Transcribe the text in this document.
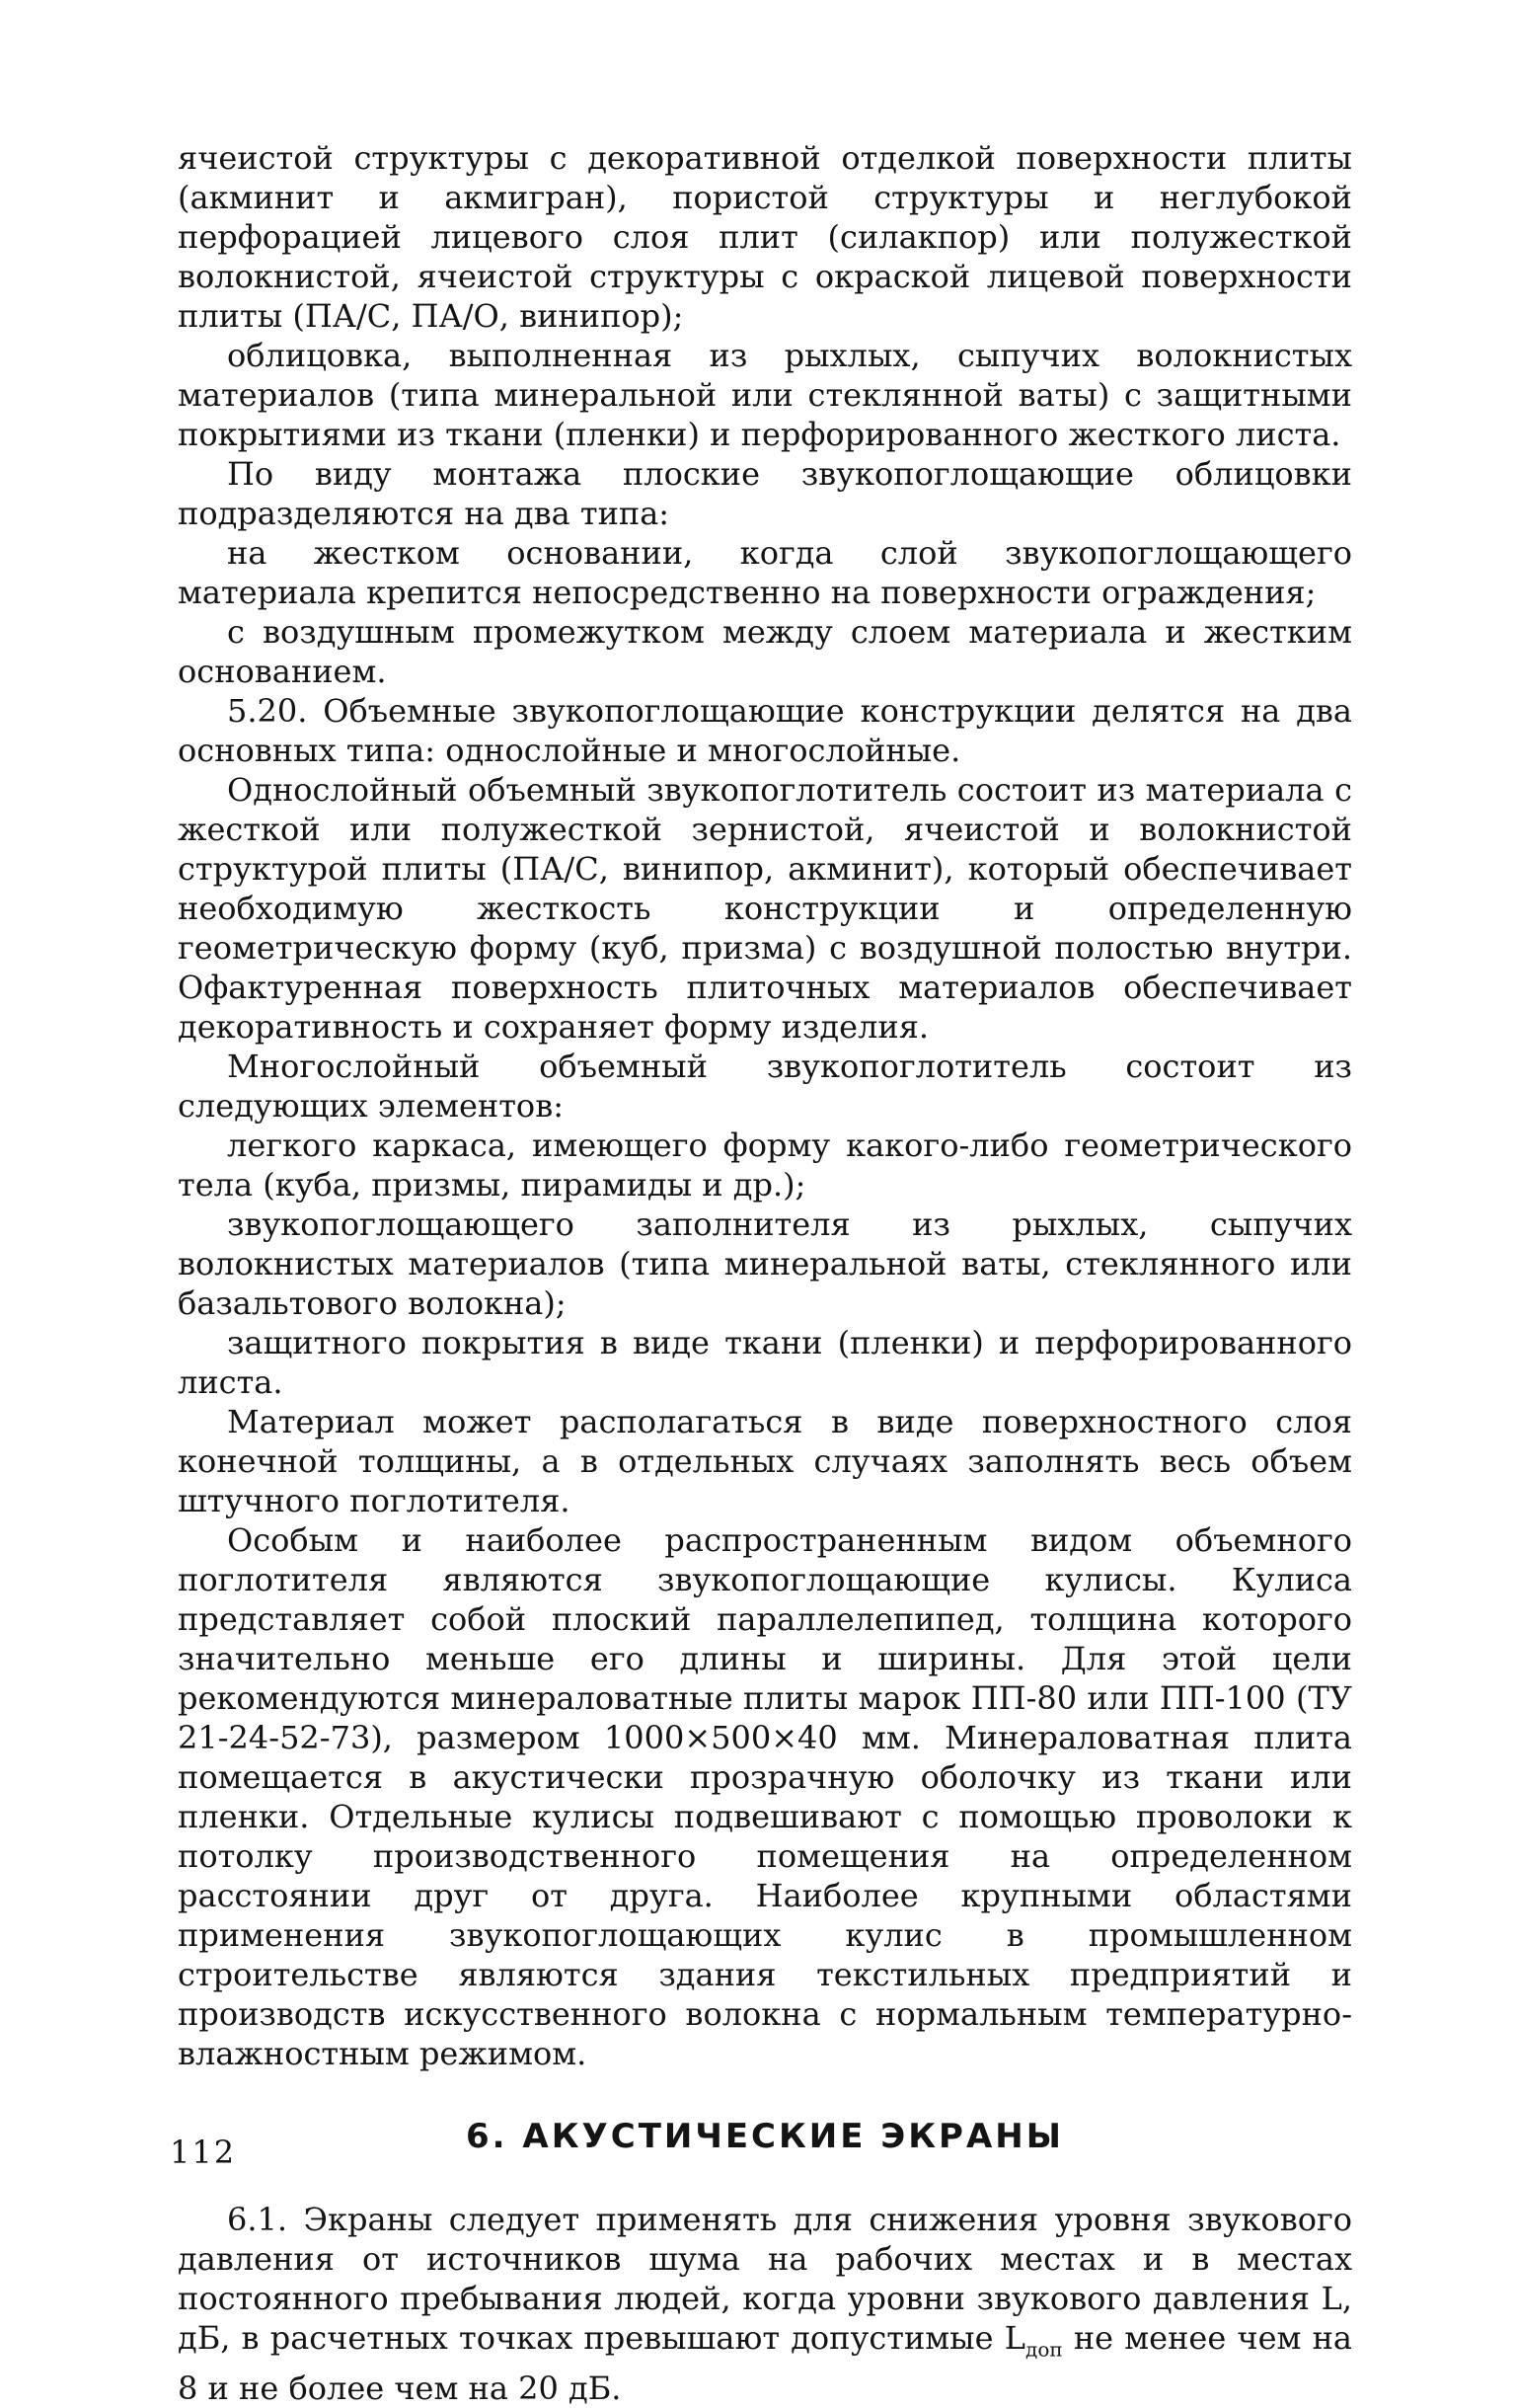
ячеистой структуры с декоративной отделкой поверхности плиты (акминит и акмигран), пористой структуры и неглубокой перфорацией лицевого слоя плит (силакпор) или полужесткой волокнистой, ячеистой структуры с окраской лицевой поверхности плиты (ПА/С, ПА/О, винипор);

облицовка, выполненная из рыхлых, сыпучих волокнистых материалов (типа минеральной или стеклянной ваты) с защитными покрытиями из ткани (пленки) и перфорированного жесткого листа.

По виду монтажа плоские звукопоглощающие облицовки подразделяются на два типа:

на жестком основании, когда слой звукопоглощающего материала крепится непосредственно на поверхности ограждения;

с воздушным промежутком между слоем материала и жестким основанием.

5.20. Объемные звукопоглощающие конструкции делятся на два основных типа: однослойные и многослойные.

Однослойный объемный звукопоглотитель состоит из материала с жесткой или полужесткой зернистой, ячеистой и волокнистой структурой плиты (ПА/С, винипор, акминит), который обеспечивает необходимую жесткость конструкции и определенную геометрическую форму (куб, призма) с воздушной полостью внутри. Офактуренная поверхность плиточных материалов обеспечивает декоративность и сохраняет форму изделия.

Многослойный объемный звукопоглотитель состоит из следующих элементов:

легкого каркаса, имеющего форму какого-либо геометрического тела (куба, призмы, пирамиды и др.);

звукопоглощающего заполнителя из рыхлых, сыпучих волокнистых материалов (типа минеральной ваты, стеклянного или базальтового волокна);

защитного покрытия в виде ткани (пленки) и перфорированного листа.

Материал может располагаться в виде поверхностного слоя конечной толщины, а в отдельных случаях заполнять весь объем штучного поглотителя.

Особым и наиболее распространенным видом объемного поглотителя являются звукопоглощающие кулисы. Кулиса представляет собой плоский параллелепипед, толщина которого значительно меньше его длины и ширины. Для этой цели рекомендуются минераловатные плиты марок ПП-80 или ПП-100 (ТУ 21-24-52-73), размером 1000×500×40 мм. Минераловатная плита помещается в акустически прозрачную оболочку из ткани или пленки. Отдельные кулисы подвешивают с помощью проволоки к потолку производственного помещения на определенном расстоянии друг от друга. Наиболее крупными областями применения звукопоглощающих кулис в промышленном строительстве являются здания текстильных предприятий и производств искусственного волокна с нормальным температурно-влажностным режимом.

6. АКУСТИЧЕСКИЕ ЭКРАНЫ

6.1. Экраны следует применять для снижения уровня звукового давления от источников шума на рабочих местах и в местах постоянного пребывания людей, когда уровни звукового давления L, дБ, в расчетных точках превышают допустимые $L_{доп}$ не менее чем на 8 и не более чем на 20 дБ.

112
